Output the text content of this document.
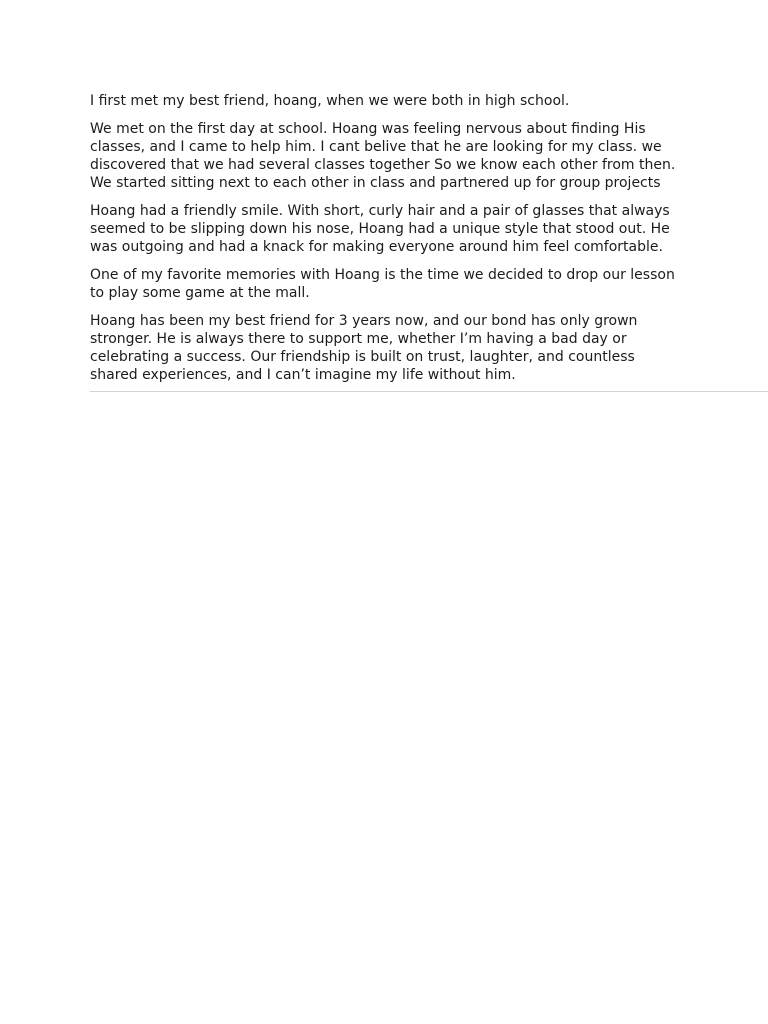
I first met my best friend, hoang, when we were both in high school.

We met on the first day at school. Hoang was feeling nervous about finding His
classes, and I came to help him. I cant belive that he are looking for my class. we
discovered that we had several classes together So we know each other from then.
We started sitting next to each other in class and partnered up for group projects

Hoang had a friendly smile. With short, curly hair and a pair of glasses that always
seemed to be slipping down his nose, Hoang had a unique style that stood out. He
was outgoing and had a knack for making everyone around him feel comfortable.

One of my favorite memories with Hoang is the time we decided to drop our lesson
to play some game at the mall.

Hoang has been my best friend for 3 years now, and our bond has only grown
stronger. He is always there to support me, whether I’m having a bad day or
celebrating a success. Our friendship is built on trust, laughter, and countless
shared experiences, and I can’t imagine my life without him.
